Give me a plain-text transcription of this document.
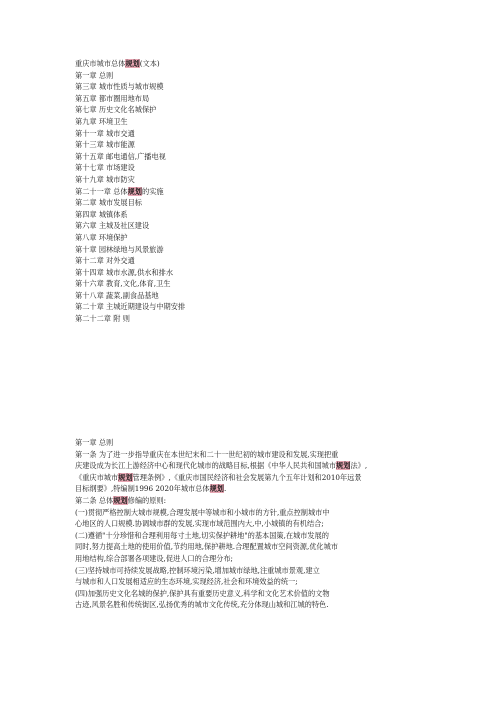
重庆市城市总体规划(文本)
第一章 总则
第三章 城市性质与城市规模
第五章 都市圈用地布局
第七章 历史文化名城保护
第九章 环境卫生
第十一章 城市交通
第十三章 城市能源
第十五章 邮电通信,广播电视
第十七章 市场建设
第十九章 城市防灾
第二十一章 总体规划的实施
第二章 城市发展目标
第四章 城镇体系
第六章 主城及社区建设
第八章 环境保护
第十章 园林绿地与风景旅游
第十二章 对外交通
第十四章 城市水源,供水和排水
第十六章 教育,文化,体育,卫生
第十八章 蔬菜,副食品基地
第二十章 主城近期建设与中期安排
第二十二章 附 则
第一章 总则
第一条 为了进一步指导重庆在本世纪末和二十一世纪初的城市建设和发展,实现把重
庆建设成为长江上游经济中心和现代化城市的战略目标,根据《中华人民共和国城市规划法》,
《重庆市城市规划管理条例》,《重庆市国民经济和社会发展第九个五年计划和2010年远景
目标纲要》,特编制1996 2020年城市总体规划.
第二条 总体规划修编的原则:
(一)贯彻严格控制大城市规模,合理发展中等城市和小城市的方针,重点控制城市中
心地区的人口规模.协调城市群的发展,实现市域范围内大,中,小城镇的有机结合;
(二)遵循"十分珍惜和合理利用每寸土地,切实保护耕地"的基本国策,在城市发展的
同时,努力提高土地的使用价值,节约用地,保护耕地.合理配置城市空间资源,优化城市
用地结构,综合部署各项建设,促进人口的合理分布;
(三)坚持城市可持续发展战略,控制环境污染,增加城市绿地,注重城市景观,建立
与城市和人口发展相适应的生态环境,实现经济,社会和环境效益的统一;
(四)加强历史文化名城的保护,保护具有重要历史意义,科学和文化艺术价值的文物
古迹,风景名胜和传统街区,弘扬优秀的城市文化传统,充分体现山城和江城的特色.
